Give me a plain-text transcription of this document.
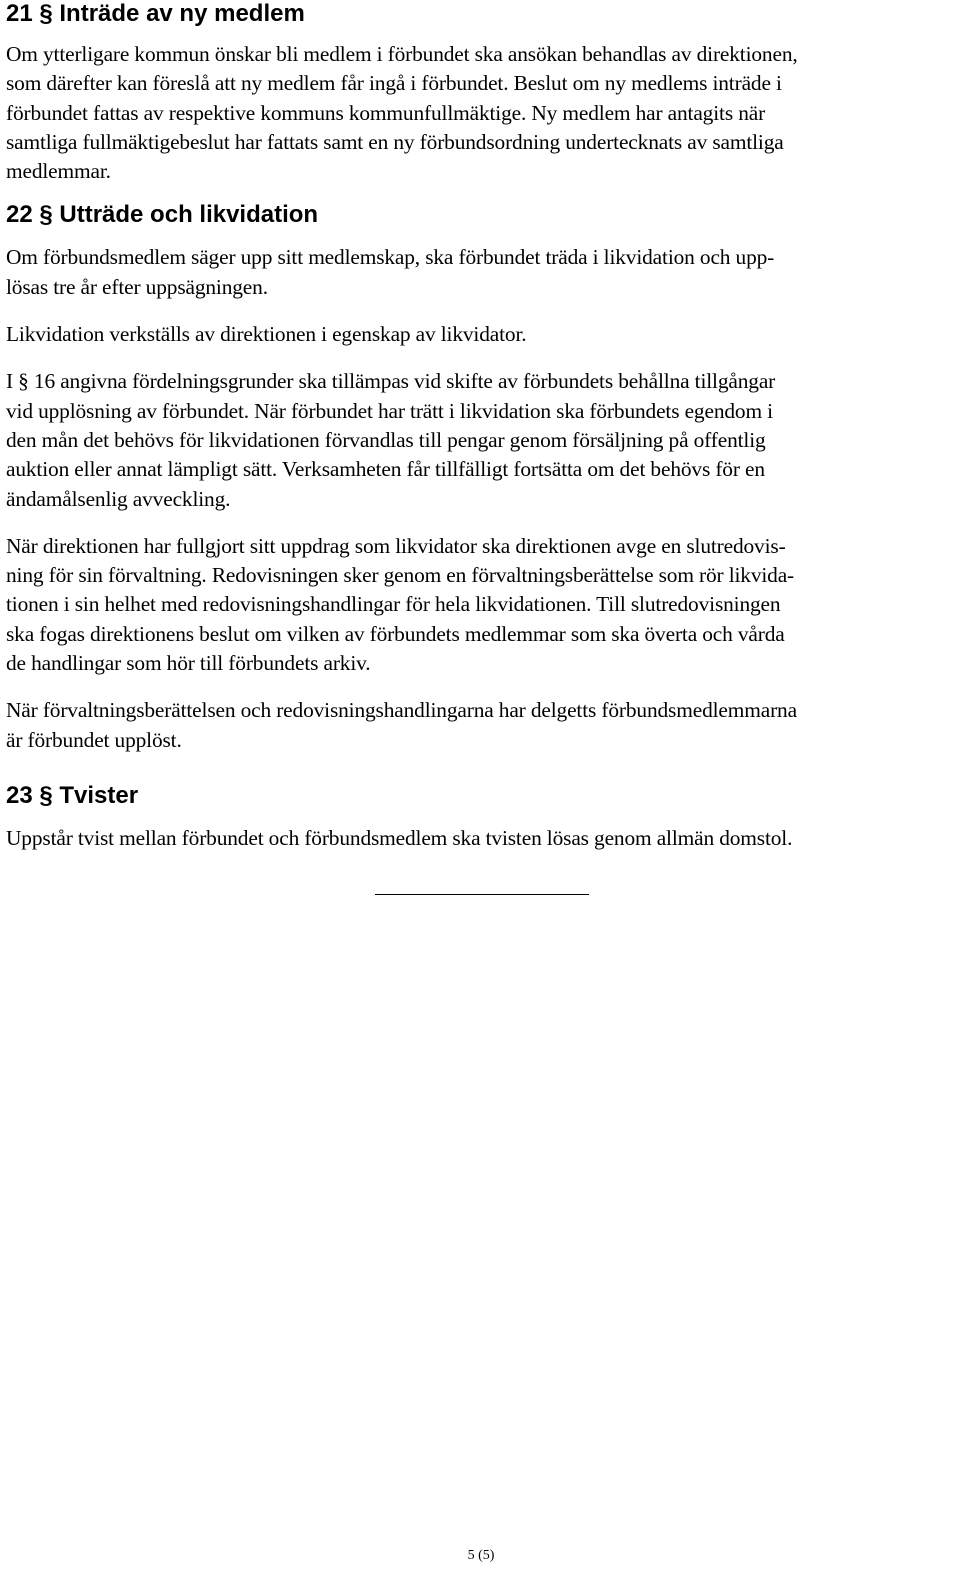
21 § Inträde av ny medlem

Om ytterligare kommun önskar bli medlem i förbundet ska ansökan behandlas av direktionen,
som därefter kan föreslå att ny medlem får ingå i förbundet. Beslut om ny medlems inträde i
förbundet fattas av respektive kommuns kommunfullmäktige. Ny medlem har antagits när
samtliga fullmäktigebeslut har fattats samt en ny förbundsordning undertecknats av samtliga
medlemmar.

22 § Utträde och likvidation

Om förbundsmedlem säger upp sitt medlemskap, ska förbundet träda i likvidation och upp-
lösas tre år efter uppsägningen.

Likvidation verkställs av direktionen i egenskap av likvidator.

I § 16 angivna fördelningsgrunder ska tillämpas vid skifte av förbundets behållna tillgångar
vid upplösning av förbundet. När förbundet har trätt i likvidation ska förbundets egendom i
den mån det behövs för likvidationen förvandlas till pengar genom försäljning på offentlig
auktion eller annat lämpligt sätt. Verksamheten får tillfälligt fortsätta om det behövs för en
ändamålsenlig avveckling.

När direktionen har fullgjort sitt uppdrag som likvidator ska direktionen avge en slutredovis-
ning för sin förvaltning. Redovisningen sker genom en förvaltningsberättelse som rör likvida-
tionen i sin helhet med redovisningshandlingar för hela likvidationen. Till slutredovisningen
ska fogas direktionens beslut om vilken av förbundets medlemmar som ska överta och vårda
de handlingar som hör till förbundets arkiv.

När förvaltningsberättelsen och redovisningshandlingarna har delgetts förbundsmedlemmarna
är förbundet upplöst.

23 § Tvister

Uppstår tvist mellan förbundet och förbundsmedlem ska tvisten lösas genom allmän domstol.

5 (5)
